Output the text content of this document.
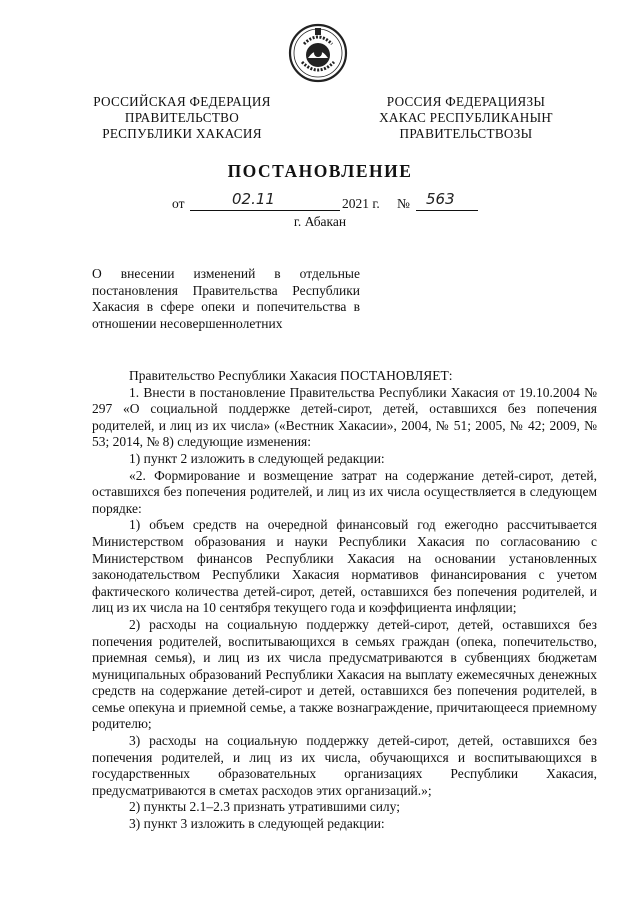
РОССИЙСКАЯ ФЕДЕРАЦИЯ
ПРАВИТЕЛЬСТВО
РЕСПУБЛИКИ ХАКАСИЯ
РОССИЯ ФЕДЕРАЦИЯЗЫ
ХАКАС РЕСПУБЛИКАНЫҤ
ПРАВИТЕЛЬСТВОЗЫ
ПОСТАНОВЛЕНИЕ
от	02.11	2021 г. № 563
г. Абакан
О внесении изменений в отдельные постановления Правительства Республики Хакасия в сфере опеки и попечительства в отношении несовершеннолетних

Правительство Республики Хакасия ПОСТАНОВЛЯЕТ:

1. Внести в постановление Правительства Республики Хакасия от 19.10.2004 № 297 «О социальной поддержке детей-сирот, детей, оставшихся без попечения родителей, и лиц из их числа» («Вестник Хакасии», 2004, № 51; 2005, № 42; 2009, № 53; 2014, № 8) следующие изменения:

1) пункт 2 изложить в следующей редакции:

«2. Формирование и возмещение затрат на содержание детей-сирот, детей, оставшихся без попечения родителей, и лиц из их числа осуществляется в следующем порядке:

1) объем средств на очередной финансовый год ежегодно рассчитывается Министерством образования и науки Республики Хакасия по согласованию с Министерством финансов Республики Хакасия на основании установленных законодательством Республики Хакасия нормативов финансирования с учетом фактического количества детей-сирот, детей, оставшихся без попечения родителей, и лиц из их числа на 10 сентября текущего года и коэффициента инфляции;

2) расходы на социальную поддержку детей-сирот, детей, оставшихся без попечения родителей, воспитывающихся в семьях граждан (опека, попечительство, приемная семья), и лиц из их числа предусматриваются в субвенциях бюджетам муниципальных образований Республики Хакасия на выплату ежемесячных денежных средств на содержание детей-сирот и детей, оставшихся без попечения родителей, в семье опекуна и приемной семье, а также вознаграждение, причитающееся приемному родителю;

3) расходы на социальную поддержку детей-сирот, детей, оставшихся без попечения родителей, и лиц из их числа, обучающихся и воспитывающихся в государственных образовательных организациях Республики Хакасия, предусматриваются в сметах расходов этих организаций.»;

2) пункты 2.1–2.3 признать утратившими силу;

3) пункт 3 изложить в следующей редакции:
